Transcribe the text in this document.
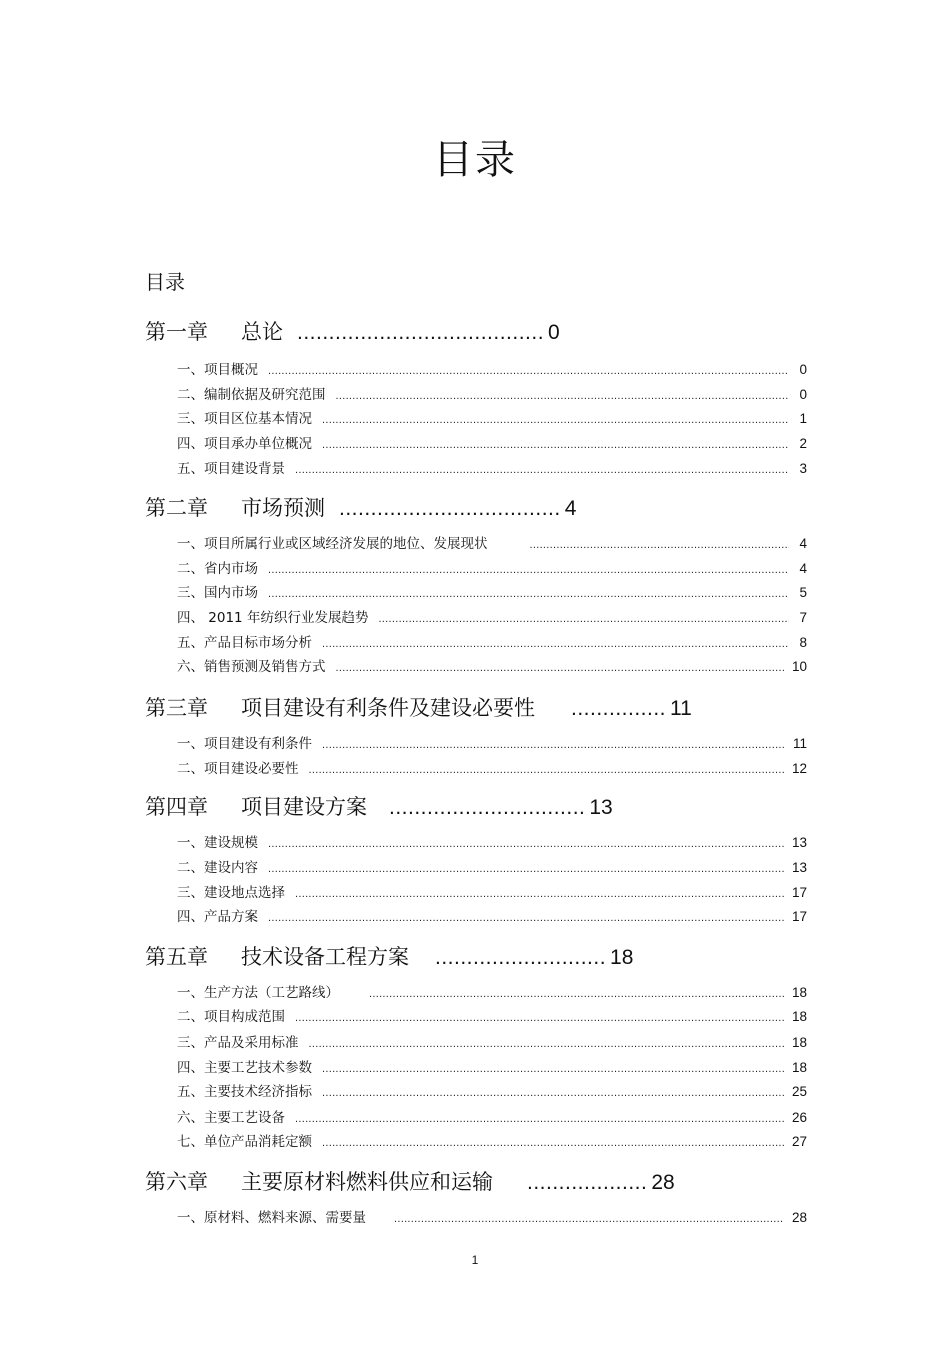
目录
目录
第一章	总论 ....................................... 0
一、项目概况 .....	0
二、编制依据及研究范围 .....	0
三、项目区位基本情况 .....	1
四、项目承办单位概况 .....	2
五、项目建设背景 .....	3
第二章	市场预测 ................................... 4
一、项目所属行业或区域经济发展的地位、发展现状 .....	4
二、省内市场 .....	4
三、国内市场 .....	5
四、 2011 年纺织行业发展趋势 .....	7
五、产品目标市场分析 .....	8
六、销售预测及销售方式 .....	10
第三章	项目建设有利条件及建设必要性 ............... 11
一、项目建设有利条件 .....	11
二、项目建设必要性 .....	12
第四章	项目建设方案 ............................... 13
一、建设规模 .....	13
二、建设内容 .....	13
三、建设地点选择 .....	17
四、产品方案 .....	17
第五章	技术设备工程方案 ........................... 18
一、生产方法（工艺路线） .....	18
二、项目构成范围 .....	18
三、产品及采用标准 .....	18
四、主要工艺技术参数 .....	18
五、主要技术经济指标 .....	25
六、主要工艺设备 .....	26
七、单位产品消耗定额 .....	27
第六章	主要原材料燃料供应和运输 ................... 28
一、原材料、燃料来源、需要量 .....	28
1
